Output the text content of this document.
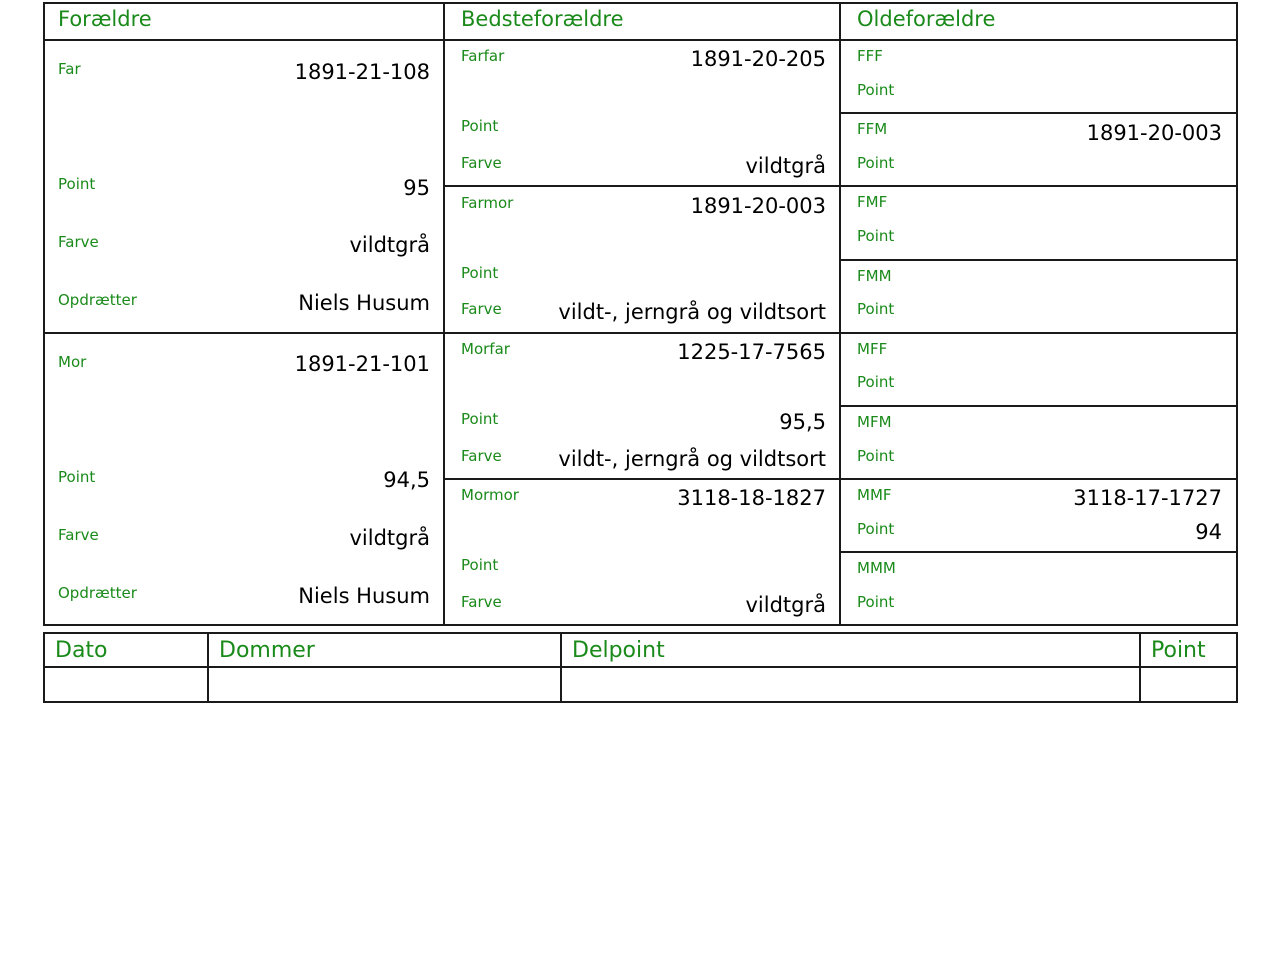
Forældre	Bedsteforældre	Oldeforældre
Far	1891-21-108
Point	95
Farve	vildtgrå
Opdrætter	Niels Husum
Mor	1891-21-101
Point	94,5
Farve	vildtgrå
Opdrætter	Niels Husum
Farfar	1891-20-205
Point
Farve	vildtgrå
Farmor	1891-20-003
Point
Farve	vildt-, jerngrå og vildtsort
Morfar	1225-17-7565
Point	95,5
Farve	vildt-, jerngrå og vildtsort
Mormor	3118-18-1827
Point
Farve	vildtgrå
FFF
Point
FFM	1891-20-003
Point
FMF
Point
FMM
Point
MFF
Point
MFM
Point
MMF	3118-17-1727
Point	94
MMM
Point
Dato	Dommer	Delpoint	Point
